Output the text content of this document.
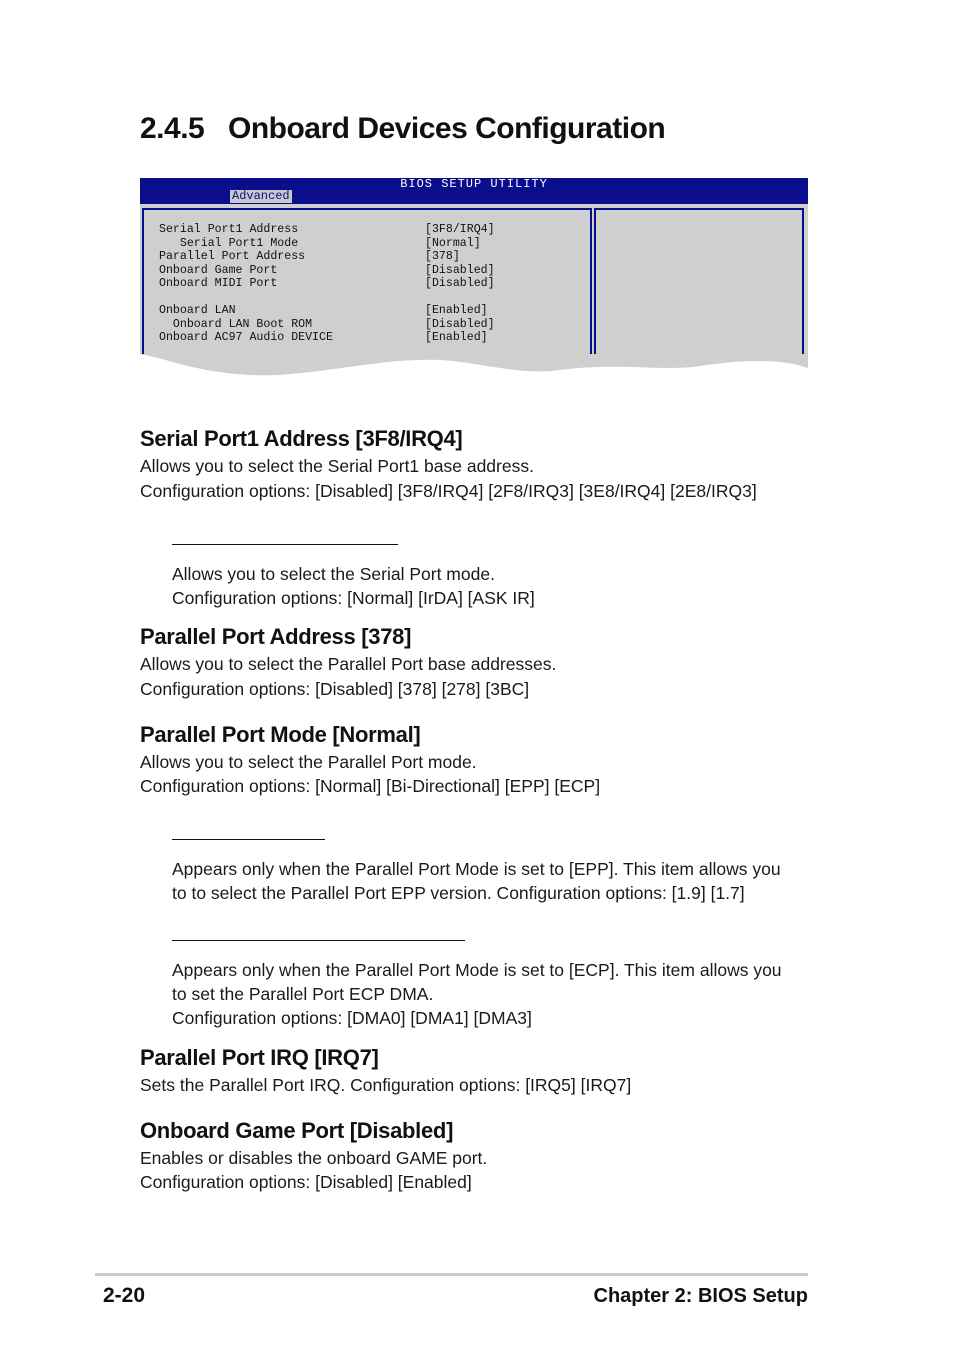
2.4.5 Onboard Devices Configuration
BIOS SETUP UTILITY
Advanced
Serial Port1 Address	[3F8/IRQ4]
Serial Port1 Mode	[Normal]
Parallel Port Address	[378]
Onboard Game Port	[Disabled]
Onboard MIDI Port	[Disabled]
Onboard LAN	[Enabled]
Onboard LAN Boot ROM	[Disabled]
Onboard AC97 Audio DEVICE	[Enabled]
Serial Port1 Address [3F8/IRQ4]

Allows you to select the Serial Port1 base address.

Configuration options: [Disabled] [3F8/IRQ4] [2F8/IRQ3] [3E8/IRQ4] [2E8/IRQ3]

Allows you to select the Serial Port mode.

Configuration options: [Normal] [IrDA] [ASK IR]

Parallel Port Address [378]

Allows you to select the Parallel Port base addresses.

Configuration options: [Disabled] [378] [278] [3BC]

Parallel Port Mode [Normal]

Allows you to select the Parallel Port mode.

Configuration options: [Normal] [Bi-Directional] [EPP] [ECP]

Appears only when the Parallel Port Mode is set to [EPP]. This item allows you

to to select the Parallel Port EPP version. Configuration options: [1.9] [1.7]

Appears only when the Parallel Port Mode is set to [ECP]. This item allows you

to set the Parallel Port ECP DMA.

Configuration options: [DMA0] [DMA1] [DMA3]

Parallel Port IRQ [IRQ7]

Sets the Parallel Port IRQ. Configuration options: [IRQ5] [IRQ7]

Onboard Game Port [Disabled]

Enables or disables the onboard GAME port.

Configuration options: [Disabled] [Enabled]

2-20	Chapter 2: BIOS Setup
